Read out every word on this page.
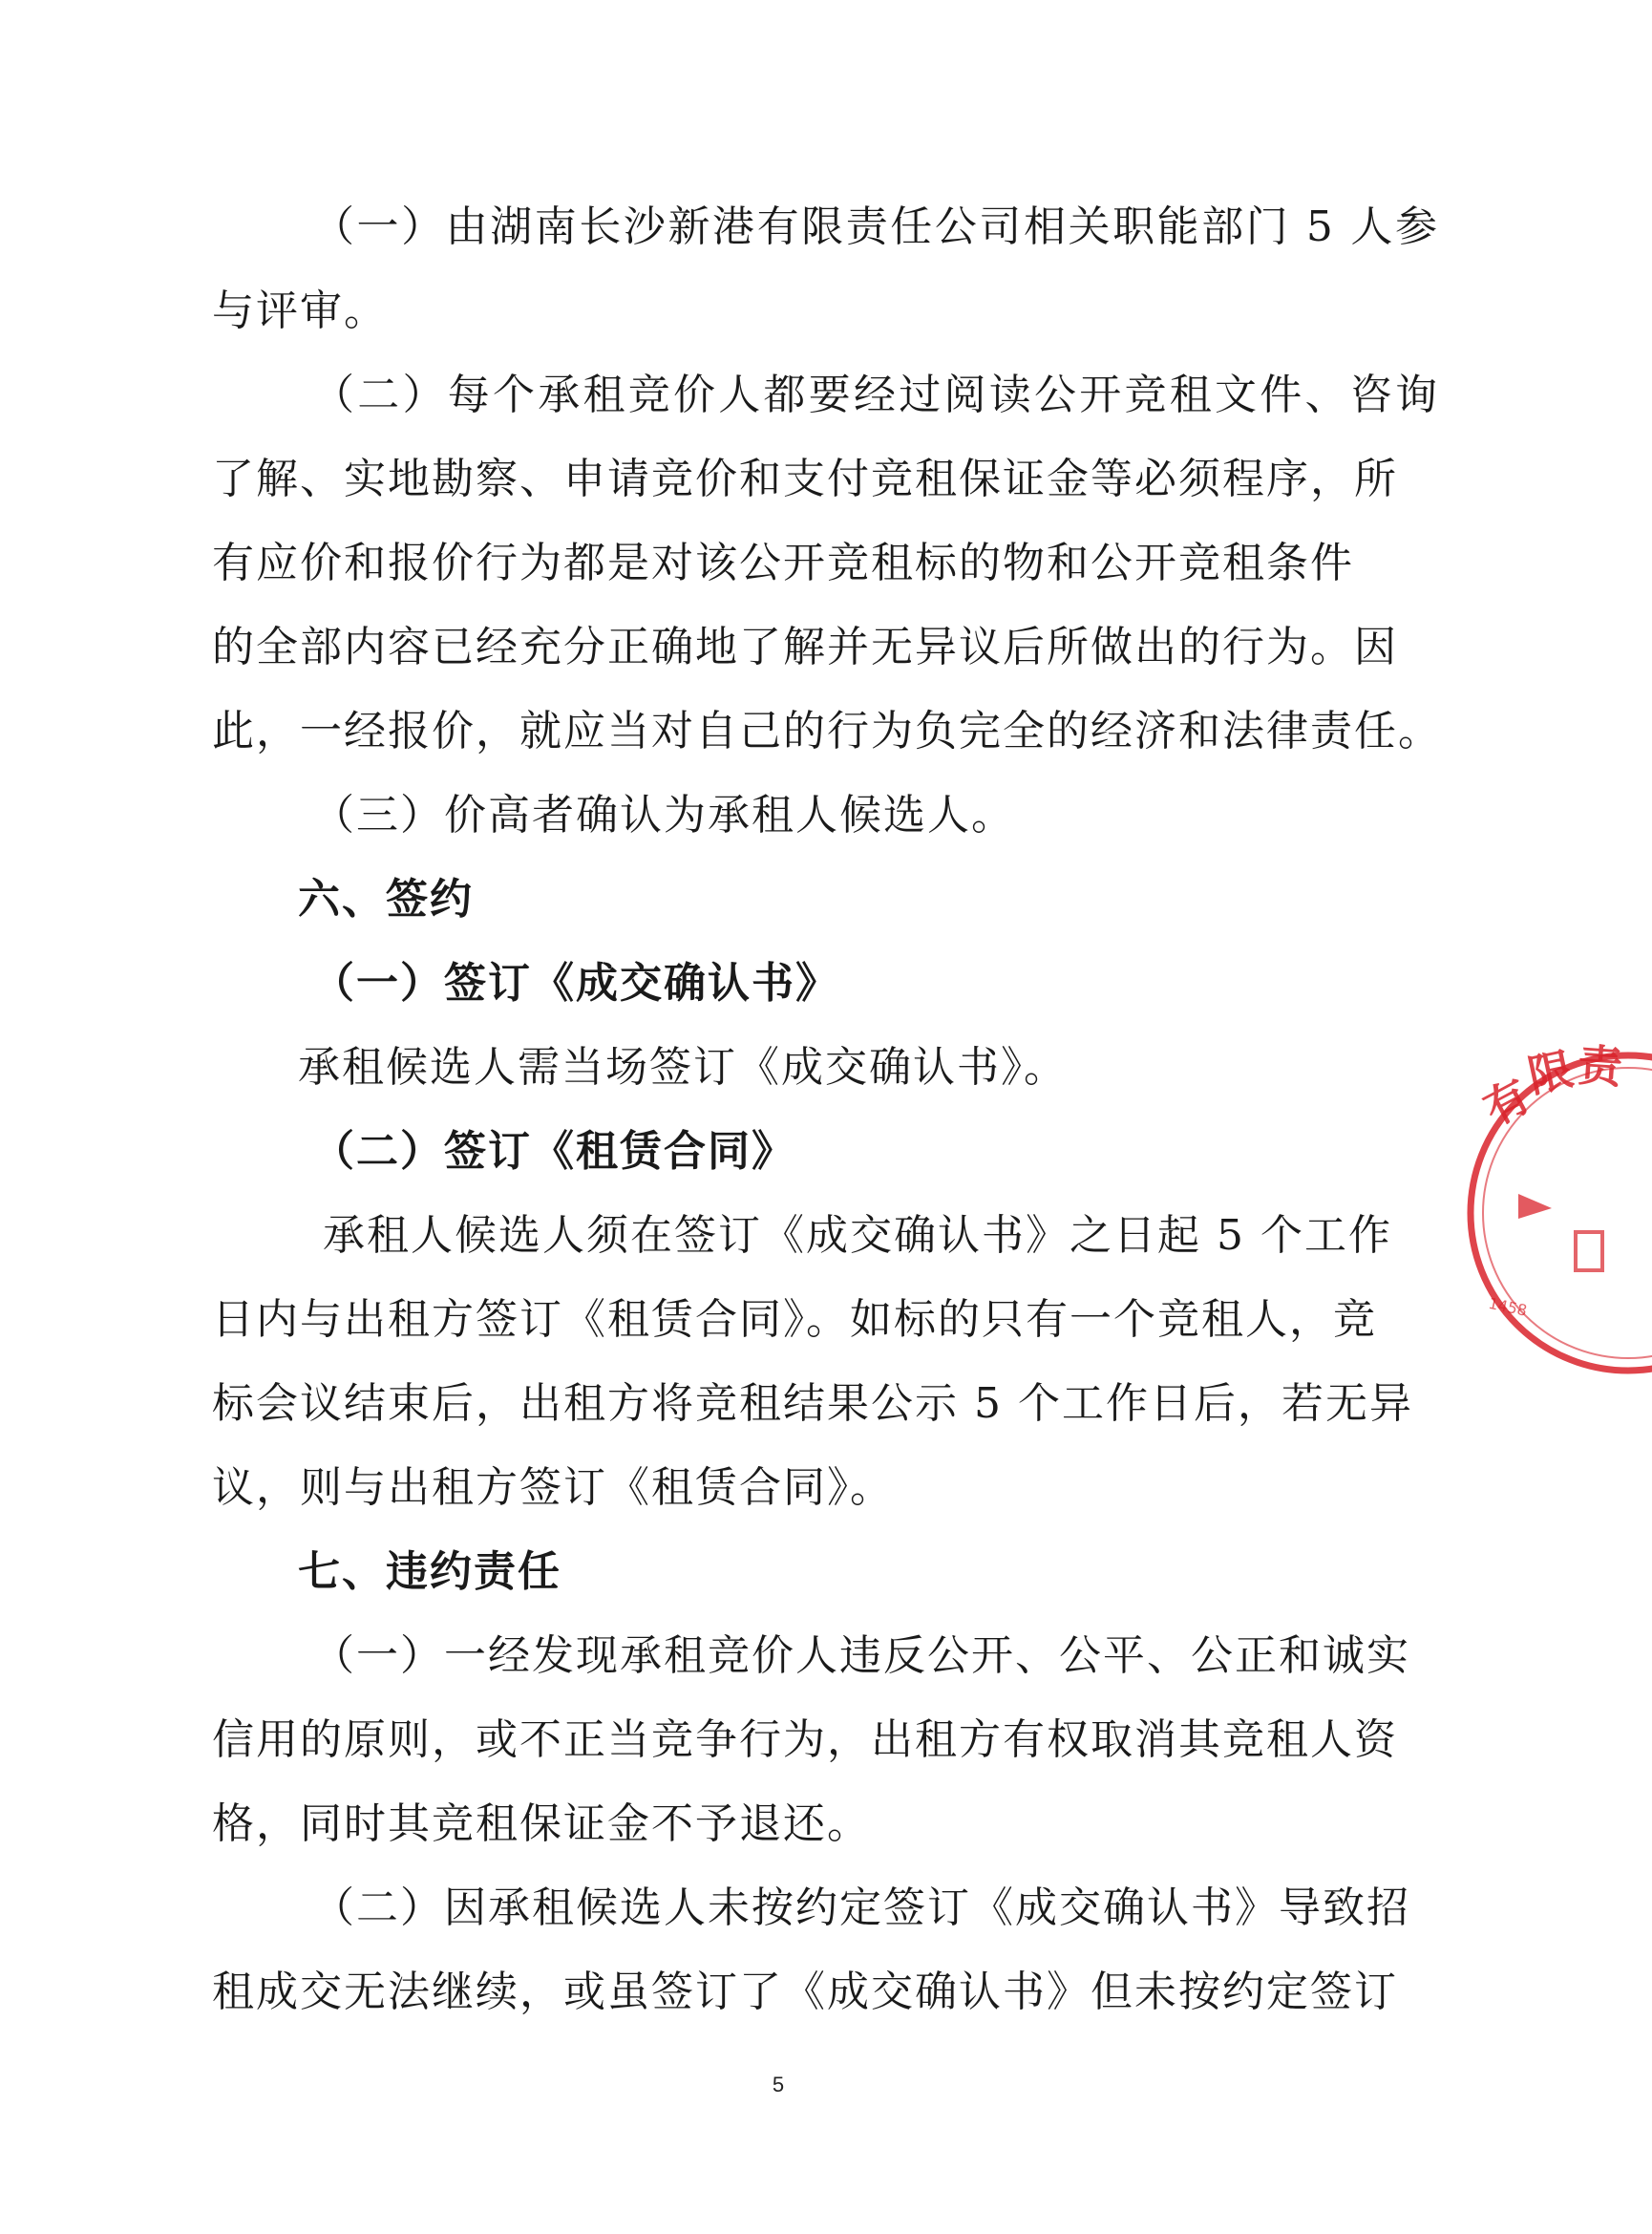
（一）由湖南长沙新港有限责任公司相关职能部门 5 人参
与评审。
（二）每个承租竞价人都要经过阅读公开竞租文件、咨询
了解、实地勘察、申请竞价和支付竞租保证金等必须程序，所
有应价和报价行为都是对该公开竞租标的物和公开竞租条件
的全部内容已经充分正确地了解并无异议后所做出的行为。因
此，一经报价，就应当对自己的行为负完全的经济和法律责任。
（三）价高者确认为承租人候选人。
六、签约
（一）签订《成交确认书》
承租候选人需当场签订《成交确认书》。
（二）签订《租赁合同》
承租人候选人须在签订《成交确认书》之日起 5 个工作
日内与出租方签订《租赁合同》。如标的只有一个竞租人，竞
标会议结束后，出租方将竞租结果公示 5 个工作日后，若无异
议，则与出租方签订《租赁合同》。
七、违约责任
（一）一经发现承租竞价人违反公开、公平、公正和诚实
信用的原则，或不正当竞争行为，出租方有权取消其竞租人资
格，同时其竞租保证金不予退还。
（二）因承租候选人未按约定签订《成交确认书》导致招
租成交无法继续，或虽签订了《成交确认书》但未按约定签订
有
限 责
1458
5
